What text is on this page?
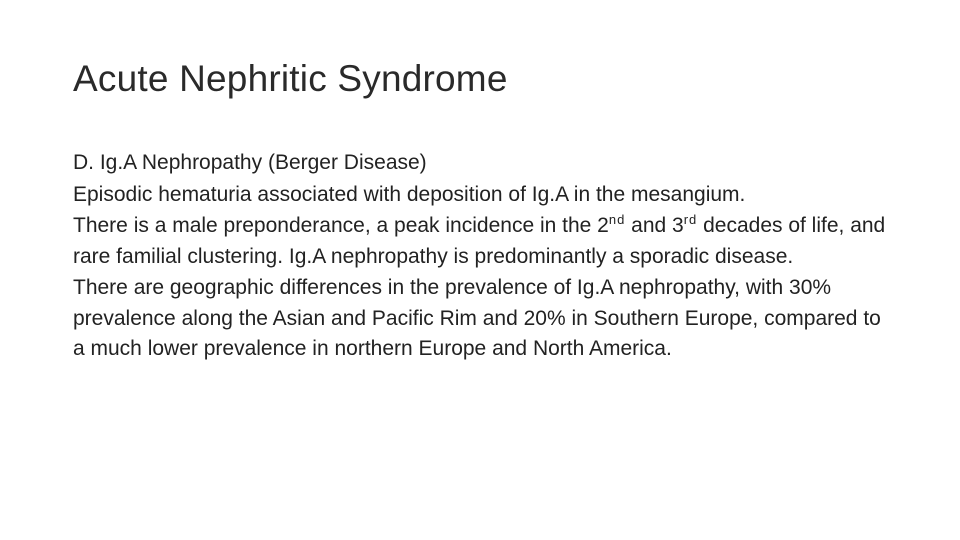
Acute Nephritic Syndrome

D. Ig.A Nephropathy (Berger Disease)

Episodic hematuria associated with deposition of Ig.A in the mesangium.

There is a male preponderance, a peak incidence in the 2nd and 3rd decades of life, and rare familial clustering. Ig.A nephropathy is predominantly a sporadic disease.

There are geographic differences in the prevalence of Ig.A nephropathy, with 30% prevalence along the Asian and Pacific Rim and 20% in Southern Europe, compared to a much lower prevalence in northern Europe and North America.
